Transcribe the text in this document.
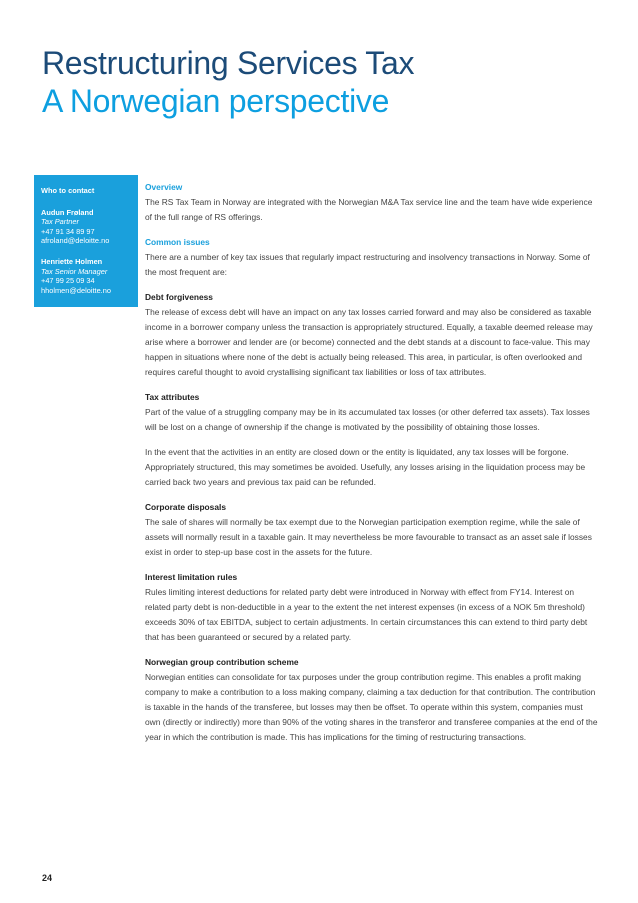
Restructuring Services Tax
A Norwegian perspective
Who to contact
Audun Frøland
Tax Partner
+47 91 34 89 97
afroland@deloitte.no
Henriette Holmen
Tax Senior Manager
+47 99 25 09 34
hholmen@deloitte.no

Overview

The RS Tax Team in Norway are integrated with the Norwegian M&A Tax service line and the team have wide experience of the full range of RS offerings.

Common issues

There are a number of key tax issues that regularly impact restructuring and insolvency transactions in Norway. Some of the most frequent are:

Debt forgiveness

The release of excess debt will have an impact on any tax losses carried forward and may also be considered as taxable income in a borrower company unless the transaction is appropriately structured. Equally, a taxable deemed release may arise where a borrower and lender are (or become) connected and the debt stands at a discount to face-value. This may happen in situations where none of the debt is actually being released. This area, in particular, is often overlooked and requires careful thought to avoid crystallising significant tax liabilities or loss of tax attributes.

Tax attributes

Part of the value of a struggling company may be in its accumulated tax losses (or other deferred tax assets). Tax losses will be lost on a change of ownership if the change is motivated by the possibility of obtaining those losses.

In the event that the activities in an entity are closed down or the entity is liquidated, any tax losses will be forgone. Appropriately structured, this may sometimes be avoided. Usefully, any losses arising in the liquidation process may be carried back two years and previous tax paid can be refunded.

Corporate disposals

The sale of shares will normally be tax exempt due to the Norwegian participation exemption regime, while the sale of assets will normally result in a taxable gain. It may nevertheless be more favourable to transact as an asset sale if losses exist in order to step-up base cost in the assets for the future.

Interest limitation rules

Rules limiting interest deductions for related party debt were introduced in Norway with effect from FY14. Interest on related party debt is non-deductible in a year to the extent the net interest expenses (in excess of a NOK 5m threshold) exceeds 30% of tax EBITDA, subject to certain adjustments. In certain circumstances this can extend to third party debt that has been guaranteed or secured by a related party.

Norwegian group contribution scheme

Norwegian entities can consolidate for tax purposes under the group contribution regime. This enables a profit making company to make a contribution to a loss making company, claiming a tax deduction for that contribution. The contribution is taxable in the hands of the transferee, but losses may then be offset. To operate within this system, companies must own (directly or indirectly) more than 90% of the voting shares in the transferor and transferee companies at the end of the year in which the contribution is made. This has implications for the timing of restructuring transactions.

24
